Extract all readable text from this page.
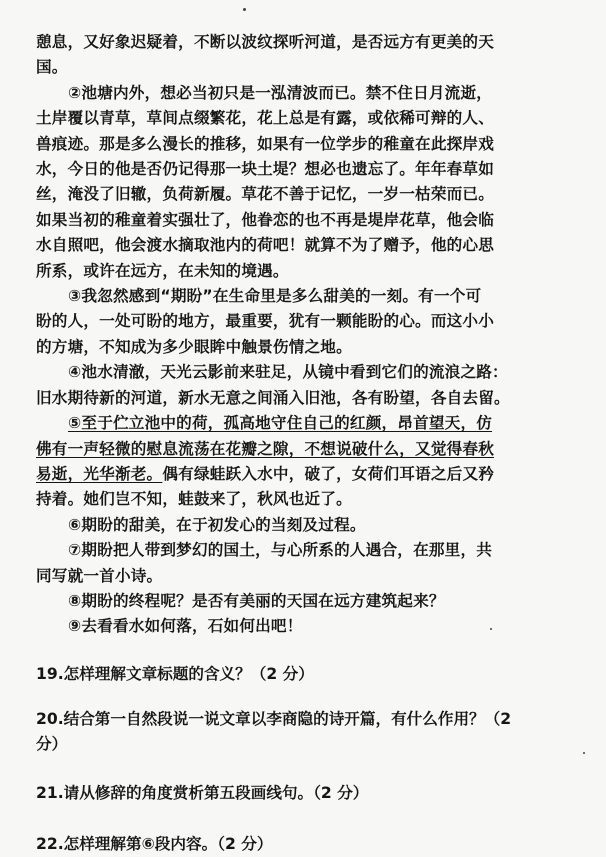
憩息，又好象迟疑着，不断以波纹探听河道，是否远方有更美的天

国。

②池塘内外，想必当初只是一泓清波而已。禁不住日月流逝，

土岸覆以青草，草间点缀繁花，花上总是有露，或依稀可辩的人、

兽痕迹。那是多么漫长的推移，如果有一位学步的稚童在此探岸戏

水，今日的他是否仍记得那一块土堤？想必也遗忘了。年年春草如

丝，淹没了旧辙，负荷新履。草花不善于记忆，一岁一枯荣而已。

如果当初的稚童着实强壮了，他眷恋的也不再是堤岸花草，他会临

水自照吧，他会渡水摘取池内的荷吧！就算不为了赠予，他的心思

所系，或许在远方，在未知的境遇。

③我忽然感到“期盼”在生命里是多么甜美的一刻。有一个可

盼的人，一处可盼的地方，最重要，犹有一颗能盼的心。而这小小

的方塘，不知成为多少眼眸中触景伤情之地。

④池水清澈，天光云影前来驻足，从镜中看到它们的流浪之路：

旧水期待新的河道，新水无意之间涌入旧池，各有盼望，各自去留。

⑤至于伫立池中的荷，孤高地守住自己的红颜，昂首望天，仿

佛有一声轻微的慰息流荡在花瓣之隙，不想说破什么，又觉得春秋

易逝，光华渐老。偶有绿蛙跃入水中，破了，女荷们耳语之后又矜

持着。她们岂不知，蛙鼓来了，秋风也近了。

⑥期盼的甜美，在于初发心的当刻及过程。

⑦期盼把人带到梦幻的国土，与心所系的人遇合，在那里，共

同写就一首小诗。

⑧期盼的终程呢？是否有美丽的天国在远方建筑起来？

⑨去看看水如何落，石如何出吧！

19.怎样理解文章标题的含义？（2 分）

20.结合第一自然段说一说文章以李商隐的诗开篇，有什么作用？（2

分）

21.请从修辞的角度赏析第五段画线句。（2 分）

22.怎样理解第⑥段内容。（2 分）
